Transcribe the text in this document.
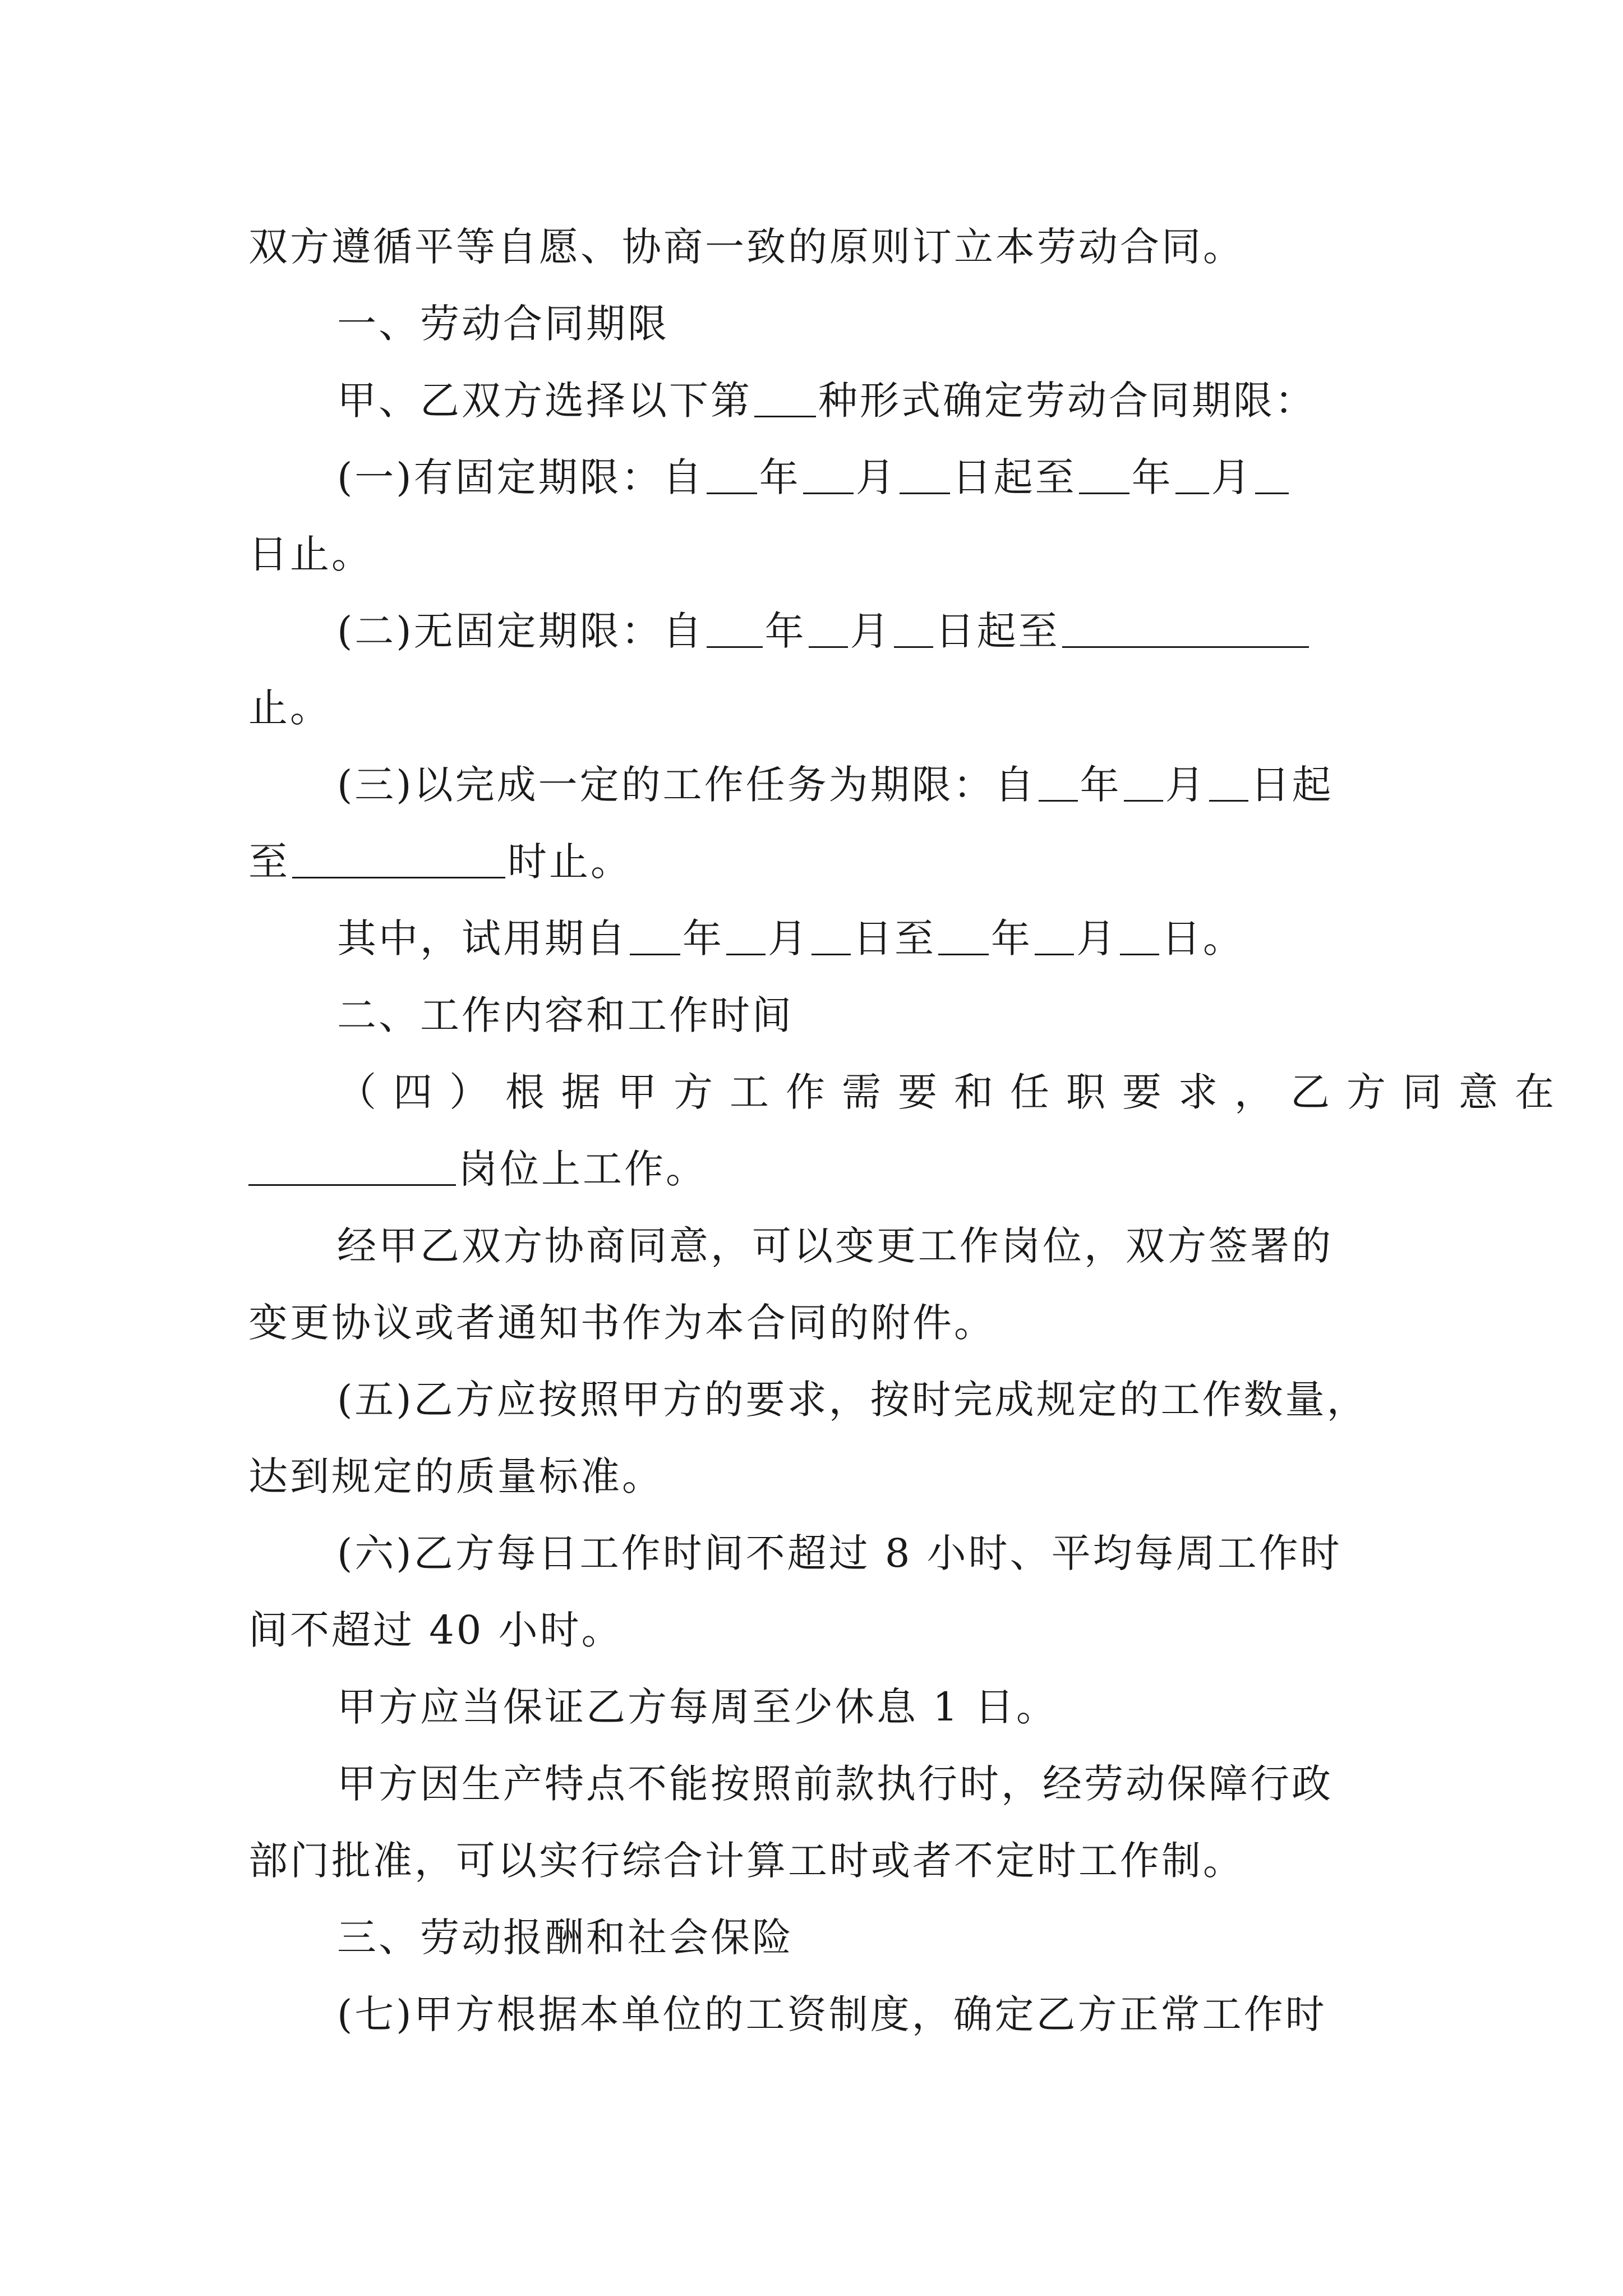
双方遵循平等自愿、协商一致的原则订立本劳动合同。
一、劳动合同期限
甲、乙双方选择以下第 种形式确定劳动合同期限：
(一)有固定期限：自 年 月 日起至 年 月
日止。
(二)无固定期限：自 年 月 日起至
止。
(三)以完成一定的工作任务为期限：自 年 月 日起
至	时止。
其中，试用期自 年 月 日至 年 月 日。
二、工作内容和工作时间
（四）根据甲方工作需要和任职要求，乙方同意在
岗位上工作。
经甲乙双方协商同意，可以变更工作岗位，双方签署的
变更协议或者通知书作为本合同的附件。
(五)乙方应按照甲方的要求，按时完成规定的工作数量，
达到规定的质量标准。
(六)乙方每日工作时间不超过 8 小时、平均每周工作时
间不超过 40 小时。
甲方应当保证乙方每周至少休息 1 日。
甲方因生产特点不能按照前款执行时，经劳动保障行政
部门批准，可以实行综合计算工时或者不定时工作制。
三、劳动报酬和社会保险
(七)甲方根据本单位的工资制度，确定乙方正常工作时
